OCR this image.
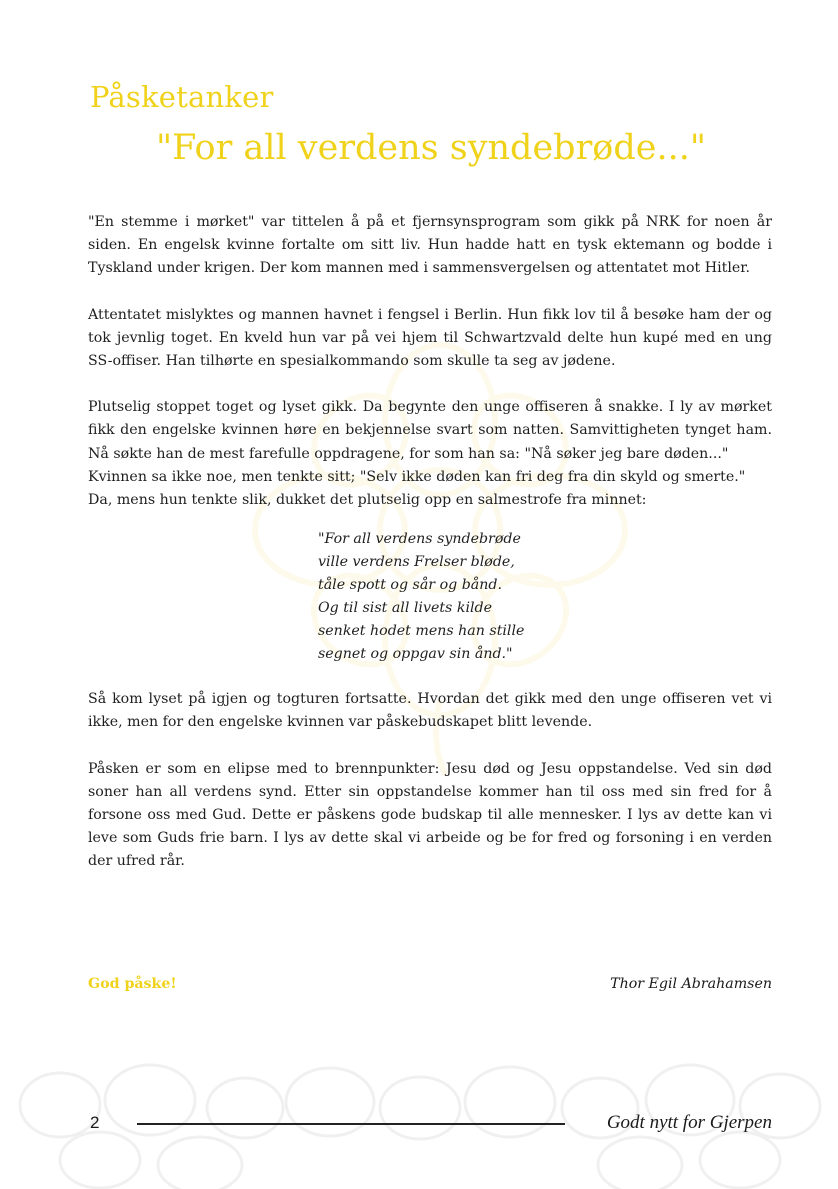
Påsketanker
"For all verdens syndebrøde..."

"En stemme i mørket" var tittelen å på et fjernsynsprogram som gikk på NRK for noen år siden. En engelsk kvinne fortalte om sitt liv. Hun hadde hatt en tysk ektemann og bodde i Tyskland under krigen. Der kom mannen med i sammensvergelsen og attentatet mot Hitler.

Attentatet mislyktes og mannen havnet i fengsel i Berlin. Hun fikk lov til å besøke ham der og tok jevnlig toget. En kveld hun var på vei hjem til Schwartzvald delte hun kupé med en ung SS-offiser. Han tilhørte en spesialkommando som skulle ta seg av jødene.

Plutselig stoppet toget og lyset gikk. Da begynte den unge offiseren å snakke. I ly av mørket fikk den engelske kvinnen høre en bekjennelse svart som natten. Samvittigheten tynget ham. Nå søkte han de mest farefulle oppdragene, for som han sa: "Nå søker jeg bare døden..."

Kvinnen sa ikke noe, men tenkte sitt; "Selv ikke døden kan fri deg fra din skyld og smerte."

Da, mens hun tenkte slik, dukket det plutselig opp en salmestrofe fra minnet:

"For all verdens syndebrøde
ville verdens Frelser bløde,
tåle spott og sår og bånd.
Og til sist all livets kilde
senket hodet mens han stille
segnet og oppgav sin ånd."

Så kom lyset på igjen og togturen fortsatte. Hvordan det gikk med den unge offiseren vet vi ikke, men for den engelske kvinnen var påskebudskapet blitt levende.

Påsken er som en elipse med to brennpunkter: Jesu død og Jesu oppstandelse. Ved sin død soner han all verdens synd. Etter sin oppstandelse kommer han til oss med sin fred for å forsone oss med Gud. Dette er påskens gode budskap til alle mennesker. I lys av dette kan vi leve som Guds frie barn. I lys av dette skal vi arbeide og be for fred og forsoning i en verden der ufred rår.

God påske!	Thor Egil Abrahamsen
2	Godt nytt for Gjerpen
